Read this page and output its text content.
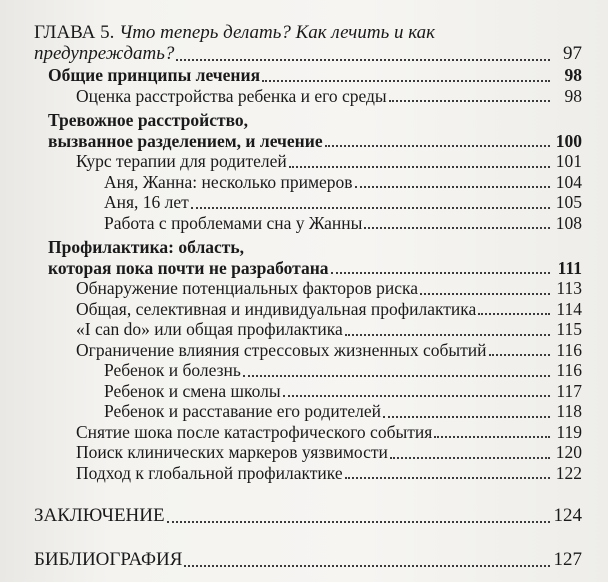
ГЛАВА 5. Что теперь делать? Как лечить и как
предупреждать?	97
Общие принципы лечения	98
Оценка расстройства ребенка и его среды	98
Тревожное расстройство,
вызванное разделением, и лечение	100
Курс терапии для родителей	101
Аня, Жанна: несколько примеров	104
Аня, 16 лет	105
Работа с проблемами сна у Жанны	108
Профилактика: область,
которая пока почти не разработана	111
Обнаружение потенциальных факторов риска	113
Общая, селективная и индивидуальная профилактика	114
«I can do» или общая профилактика	115
Ограничение влияния стрессовых жизненных событий	116
Ребенок и болезнь	116
Ребенок и смена школы	117
Ребенок и расставание его родителей	118
Снятие шока после катастрофического события	119
Поиск клинических маркеров уязвимости	120
Подход к глобальной профилактике	122
ЗАКЛЮЧЕНИЕ	124
БИБЛИОГРАФИЯ	127
